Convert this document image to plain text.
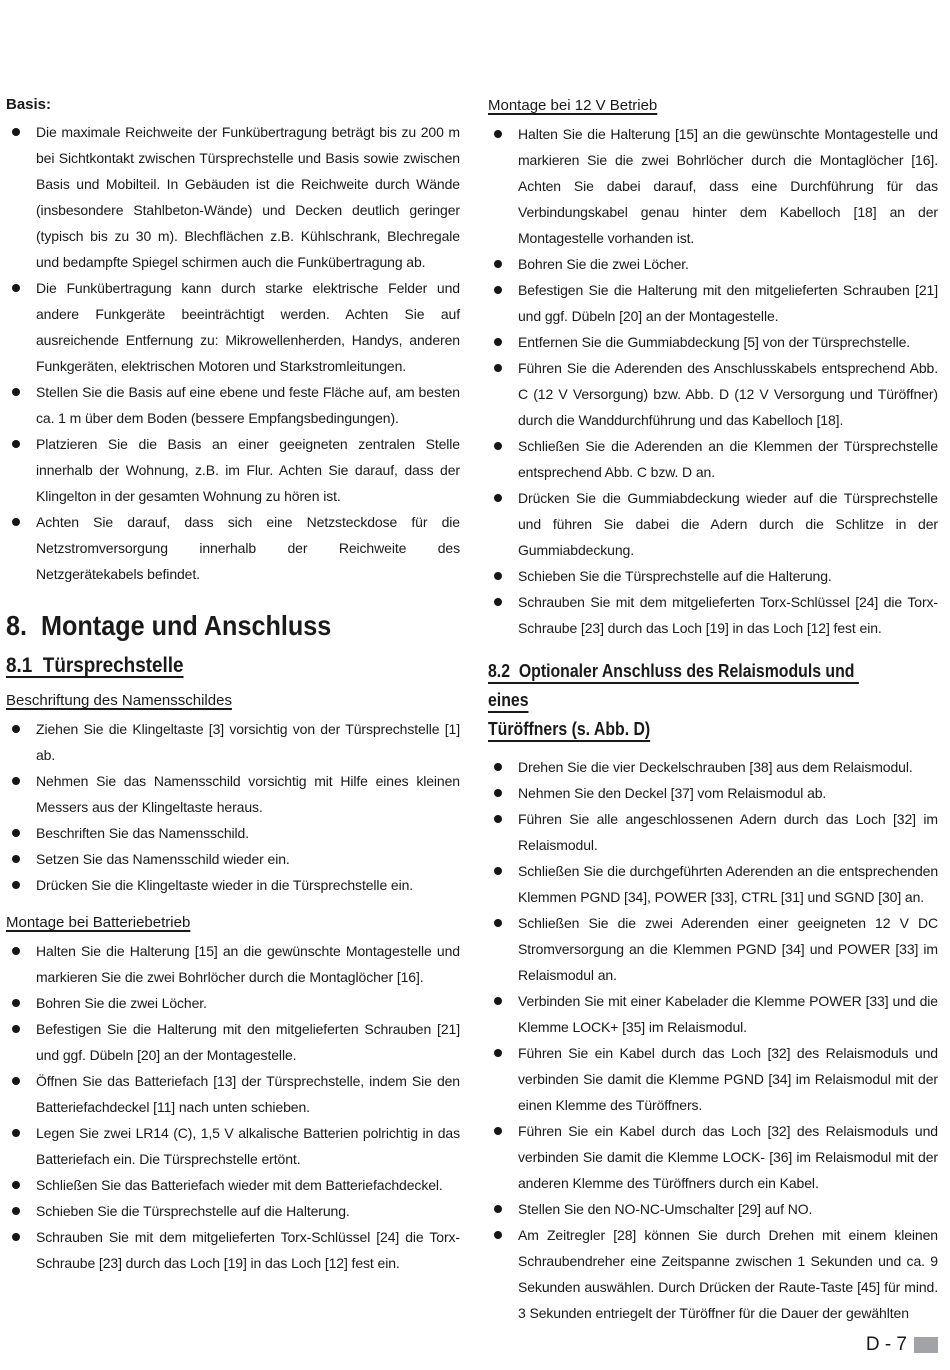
Basis:
Die maximale Reichweite der Funkübertragung beträgt bis zu 200 m bei Sichtkontakt zwischen Türsprechstelle und Basis sowie zwischen Basis und Mobilteil. In Gebäuden ist die Reichweite durch Wände (insbesondere Stahlbeton-Wände) und Decken deutlich geringer (typisch bis zu 30 m). Blechflächen z.B. Kühlschrank, Blechregale und bedampfte Spiegel schirmen auch die Funkübertragung ab.
Die Funkübertragung kann durch starke elektrische Felder und andere Funkgeräte beeinträchtigt werden. Achten Sie auf ausreichende Entfernung zu: Mikrowellenherden, Handys, anderen Funkgeräten, elektrischen Motoren und Starkstromleitungen.
Stellen Sie die Basis auf eine ebene und feste Fläche auf, am besten ca. 1 m über dem Boden (bessere Empfangsbedingungen).
Platzieren Sie die Basis an einer geeigneten zentralen Stelle innerhalb der Wohnung, z.B. im Flur. Achten Sie darauf, dass der Klingelton in der gesamten Wohnung zu hören ist.
Achten Sie darauf, dass sich eine Netzsteckdose für die Netzstromversorgung innerhalb der Reichweite des Netzgerätekabels befindet.
8.  Montage und Anschluss
8.1  Türsprechstelle
Beschriftung des Namensschildes
Ziehen Sie die Klingeltaste [3] vorsichtig von der Türsprechstelle [1] ab.
Nehmen Sie das Namensschild vorsichtig mit Hilfe eines kleinen Messers aus der Klingeltaste heraus.
Beschriften Sie das Namensschild.
Setzen Sie das Namensschild wieder ein.
Drücken Sie die Klingeltaste wieder in die Türsprechstelle ein.
Montage bei Batteriebetrieb
Halten Sie die Halterung [15] an die gewünschte Montagestelle und markieren Sie die zwei Bohrlöcher durch die Montaglöcher [16].
Bohren Sie die zwei Löcher.
Befestigen Sie die Halterung mit den mitgelieferten Schrauben [21] und ggf. Dübeln [20] an der Montagestelle.
Öffnen Sie das Batteriefach [13] der Türsprechstelle, indem Sie den Batteriefachdeckel [11] nach unten schieben.
Legen Sie zwei LR14 (C), 1,5 V alkalische Batterien polrichtig in das Batteriefach ein. Die Türsprechstelle ertönt.
Schließen Sie das Batteriefach wieder mit dem Batteriefachdeckel.
Schieben Sie die Türsprechstelle auf die Halterung.
Schrauben Sie mit dem mitgelieferten Torx-Schlüssel [24] die Torx-Schraube [23] durch das Loch [19] in das Loch [12] fest ein.
Montage bei 12 V Betrieb
Halten Sie die Halterung [15] an die gewünschte Montagestelle und markieren Sie die zwei Bohrlöcher durch die Montaglöcher [16]. Achten Sie dabei darauf, dass eine Durchführung für das Verbindungskabel genau hinter dem Kabelloch [18] an der Montagestelle vorhanden ist.
Bohren Sie die zwei Löcher.
Befestigen Sie die Halterung mit den mitgelieferten Schrauben [21] und ggf. Dübeln [20] an der Montagestelle.
Entfernen Sie die Gummiabdeckung [5] von der Türsprechstelle.
Führen Sie die Aderenden des Anschlusskabels entsprechend Abb. C (12 V Versorgung) bzw. Abb. D (12 V Versorgung und Türöffner) durch die Wanddurchführung und das Kabelloch [18].
Schließen Sie die Aderenden an die Klemmen der Türsprechstelle entsprechend Abb. C bzw. D an.
Drücken Sie die Gummiabdeckung wieder auf die Türsprechstelle und führen Sie dabei die Adern durch die Schlitze in der Gummiabdeckung.
Schieben Sie die Türsprechstelle auf die Halterung.
Schrauben Sie mit dem mitgelieferten Torx-Schlüssel [24] die Torx-Schraube [23] durch das Loch [19] in das Loch [12] fest ein.
8.2  Optionaler Anschluss des Relaismoduls und eines
Türöffners (s. Abb. D)
Drehen Sie die vier Deckelschrauben [38] aus dem Relaismodul.
Nehmen Sie den Deckel [37] vom Relaismodul ab.
Führen Sie alle angeschlossenen Adern durch das Loch [32] im Relaismodul.
Schließen Sie die durchgeführten Aderenden an die entsprechenden Klemmen PGND [34], POWER [33], CTRL [31] und SGND [30] an.
Schließen Sie die zwei Aderenden einer geeigneten 12 V DC Stromversorgung an die Klemmen PGND [34] und POWER [33] im Relaismodul an.
Verbinden Sie mit einer Kabelader die Klemme POWER [33] und die Klemme LOCK+ [35] im Relaismodul.
Führen Sie ein Kabel durch das Loch [32] des Relaismoduls und verbinden Sie damit die Klemme PGND [34] im Relaismodul mit der einen Klemme des Türöffners.
Führen Sie ein Kabel durch das Loch [32] des Relaismoduls und verbinden Sie damit die Klemme LOCK- [36] im Relaismodul mit der anderen Klemme des Türöffners durch ein Kabel.
Stellen Sie den NO-NC-Umschalter [29] auf NO.
Am Zeitregler [28] können Sie durch Drehen mit einem kleinen Schraubendreher eine Zeitspanne zwischen 1 Sekunden und ca. 9 Sekunden auswählen. Durch Drücken der Raute-Taste [45] für mind. 3 Sekunden entriegelt der Türöffner für die Dauer der gewählten
D - 7
